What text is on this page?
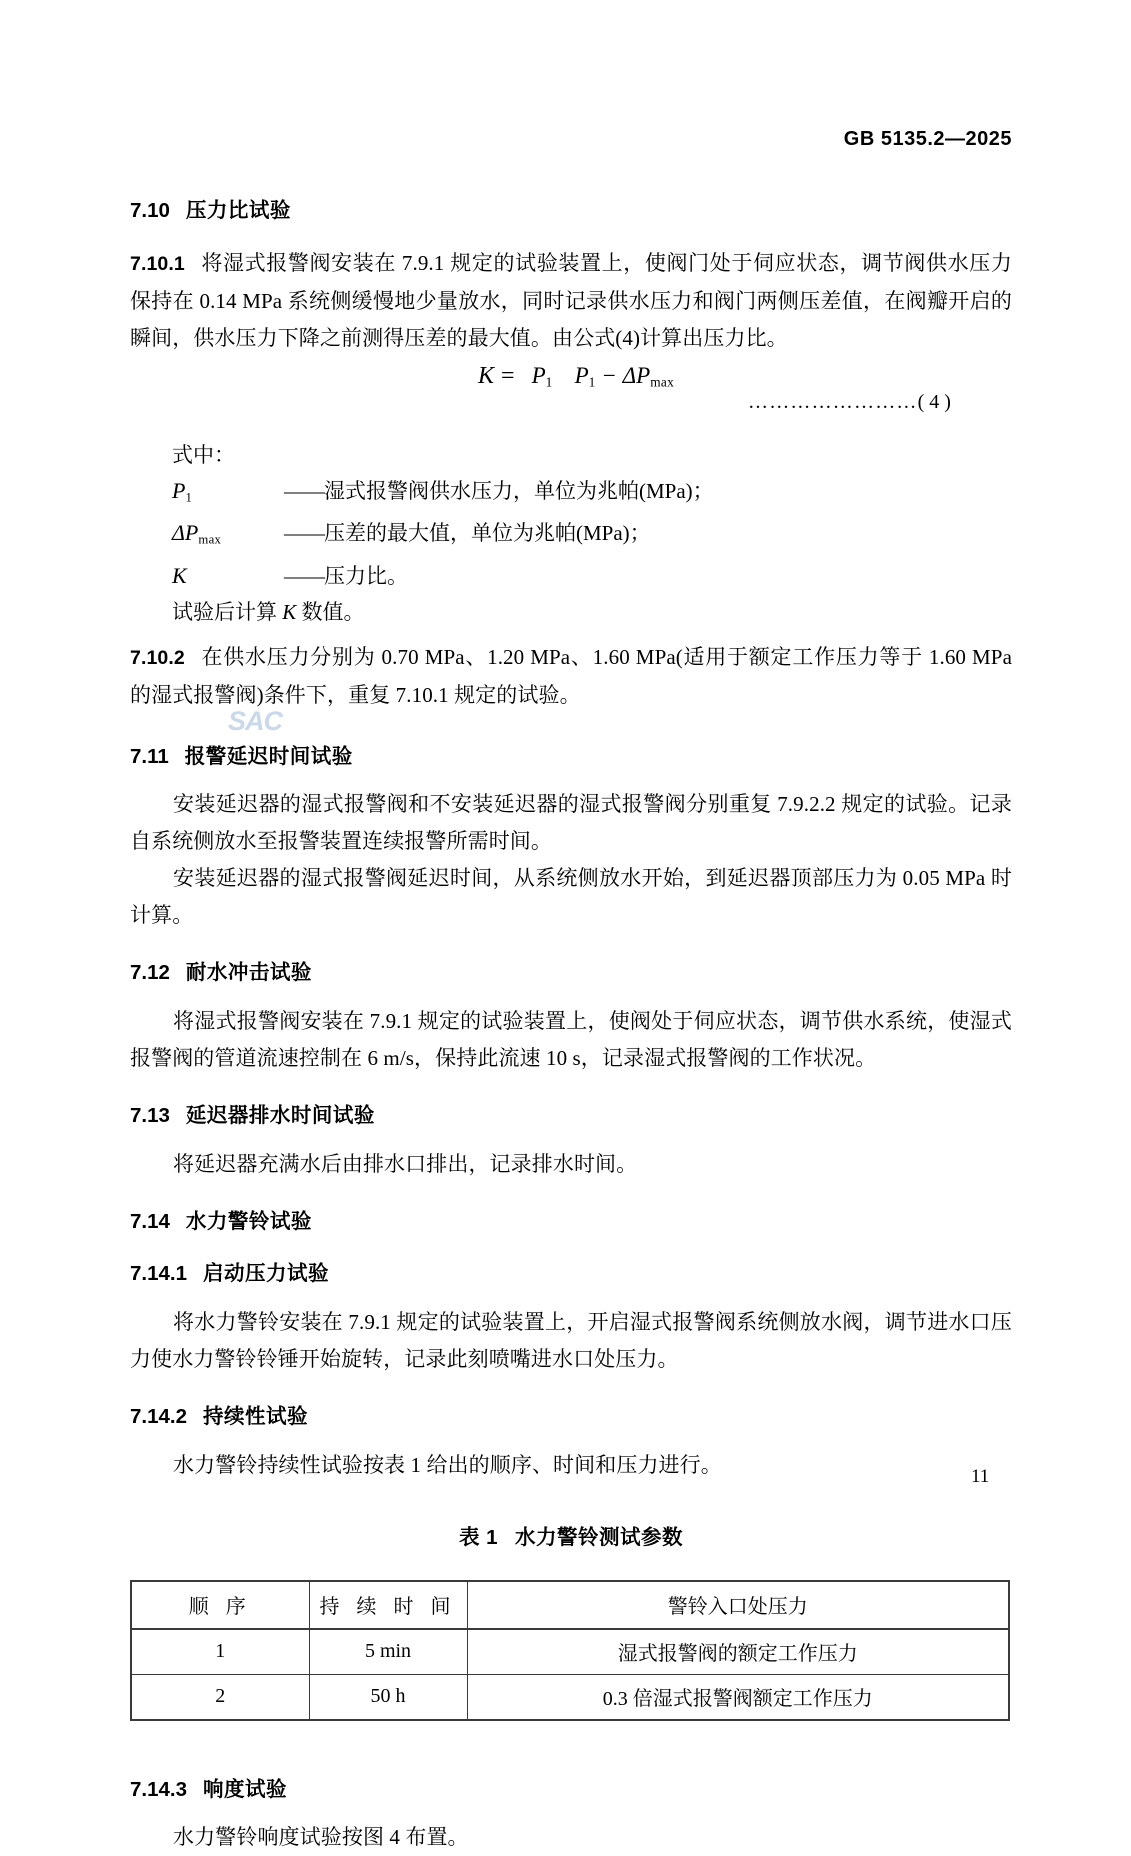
GB 5135.2—2025
SAC
7.10 压力比试验

7.10.1 将湿式报警阀安装在 7.9.1 规定的试验装置上，使阀门处于伺应状态，调节阀供水压力保持在 0.14 MPa 系统侧缓慢地少量放水，同时记录供水压力和阀门两侧压差值，在阀瓣开启的瞬间，供水压力下降之前测得压差的最大值。由公式(4)计算出压力比。

$K = P_1$ $P_1 - \Delta P_{max}$
……………………( 4 )
式中：
$P_1$	—— 湿式报警阀供水压力，单位为兆帕(MPa)；
$\Delta P_{max}$	—— 压差的最大值，单位为兆帕(MPa)；
K	—— 压力比。
试验后计算 K 数值。

7.10.2 在供水压力分别为 0.70 MPa、1.20 MPa、1.60 MPa(适用于额定工作压力等于 1.60 MPa 的湿式报警阀)条件下，重复 7.10.1 规定的试验。

7.11 报警延迟时间试验

安装延迟器的湿式报警阀和不安装延迟器的湿式报警阀分别重复 7.9.2.2 规定的试验。记录自系统侧放水至报警装置连续报警所需时间。

安装延迟器的湿式报警阀延迟时间，从系统侧放水开始，到延迟器顶部压力为 0.05 MPa 时计算。

7.12 耐水冲击试验

将湿式报警阀安装在 7.9.1 规定的试验装置上，使阀处于伺应状态，调节供水系统，使湿式报警阀的管道流速控制在 6 m/s，保持此流速 10 s，记录湿式报警阀的工作状况。

7.13 延迟器排水时间试验

将延迟器充满水后由排水口排出，记录排水时间。

7.14 水力警铃试验
7.14.1 启动压力试验

将水力警铃安装在 7.9.1 规定的试验装置上，开启湿式报警阀系统侧放水阀，调节进水口压力使水力警铃铃锤开始旋转，记录此刻喷嘴进水口处压力。

7.14.2 持续性试验

水力警铃持续性试验按表 1 给出的顺序、时间和压力进行。

表 1 水力警铃测试参数
顺 序	持 续 时 间	警铃入口处压力
1	5 min	湿式报警阀的额定工作压力
2	50 h	0.3 倍湿式报警阀额定工作压力
7.14.3 响度试验

水力警铃响度试验按图 4 布置。

11
